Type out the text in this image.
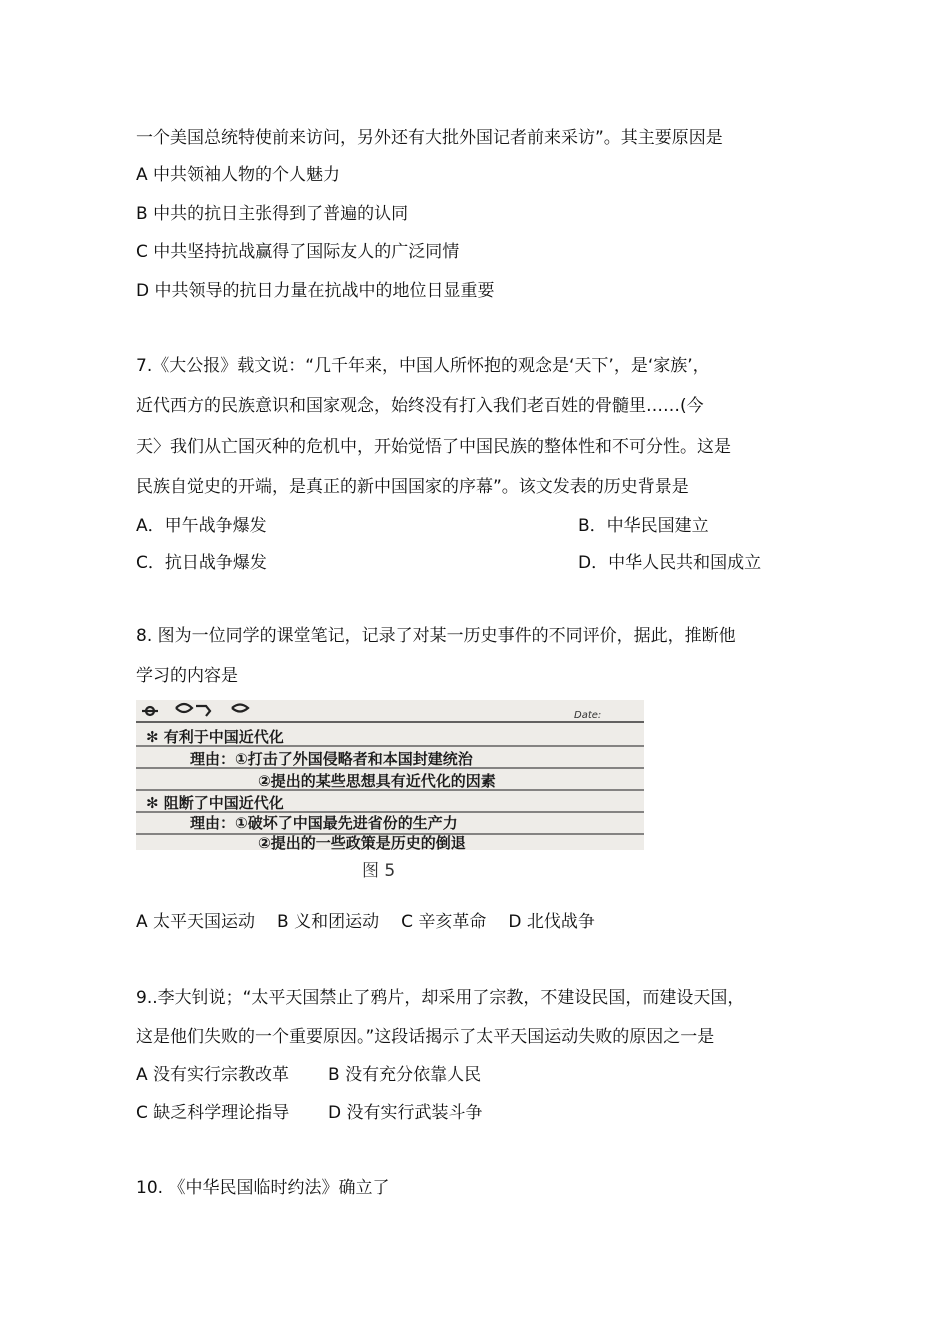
一个美国总统特使前来访问，另外还有大批外国记者前来采访”。其主要原因是
A 中共领袖人物的个人魅力
B 中共的抗日主张得到了普遍的认同
C 中共坚持抗战赢得了国际友人的广泛同情
D 中共领导的抗日力量在抗战中的地位日显重要
7.《大公报》载文说：“几千年来，中国人所怀抱的观念是‘天下’，是‘家族’，
近代西方的民族意识和国家观念，始终没有打入我们老百姓的骨髓里……(今
天〉我们从亡国灭种的危机中，开始觉悟了中国民族的整体性和不可分性。这是
民族自觉史的开端，是真正的新中国国家的序幕”。该文发表的历史背景是
A．甲午战争爆发	B．中华民国建立
C．抗日战争爆发	D．中华人民共和国成立
8. 图为一位同学的课堂笔记，记录了对某一历史事件的不同评价，据此，推断他
学习的内容是
Date:
✻ 有利于中国近代化
理由：①打击了外国侵略者和本国封建统治
②提出的某些思想具有近代化的因素
✻ 阻断了中国近代化
理由：①破坏了中国最先进省份的生产力
②提出的一些政策是历史的倒退
图 5
A 太平天国运动 B 义和团运动 C 辛亥革命 D 北伐战争
9..李大钊说；“太平天国禁止了鸦片，却采用了宗教，不建设民国，而建设天国，
这是他们失败的一个重要原因。”这段话揭示了太平天国运动失败的原因之一是
A 没有实行宗教改革 B 没有充分依靠人民
C 缺乏科学理论指导 D 没有实行武装斗争
10. 《中华民国临时约法》确立了
